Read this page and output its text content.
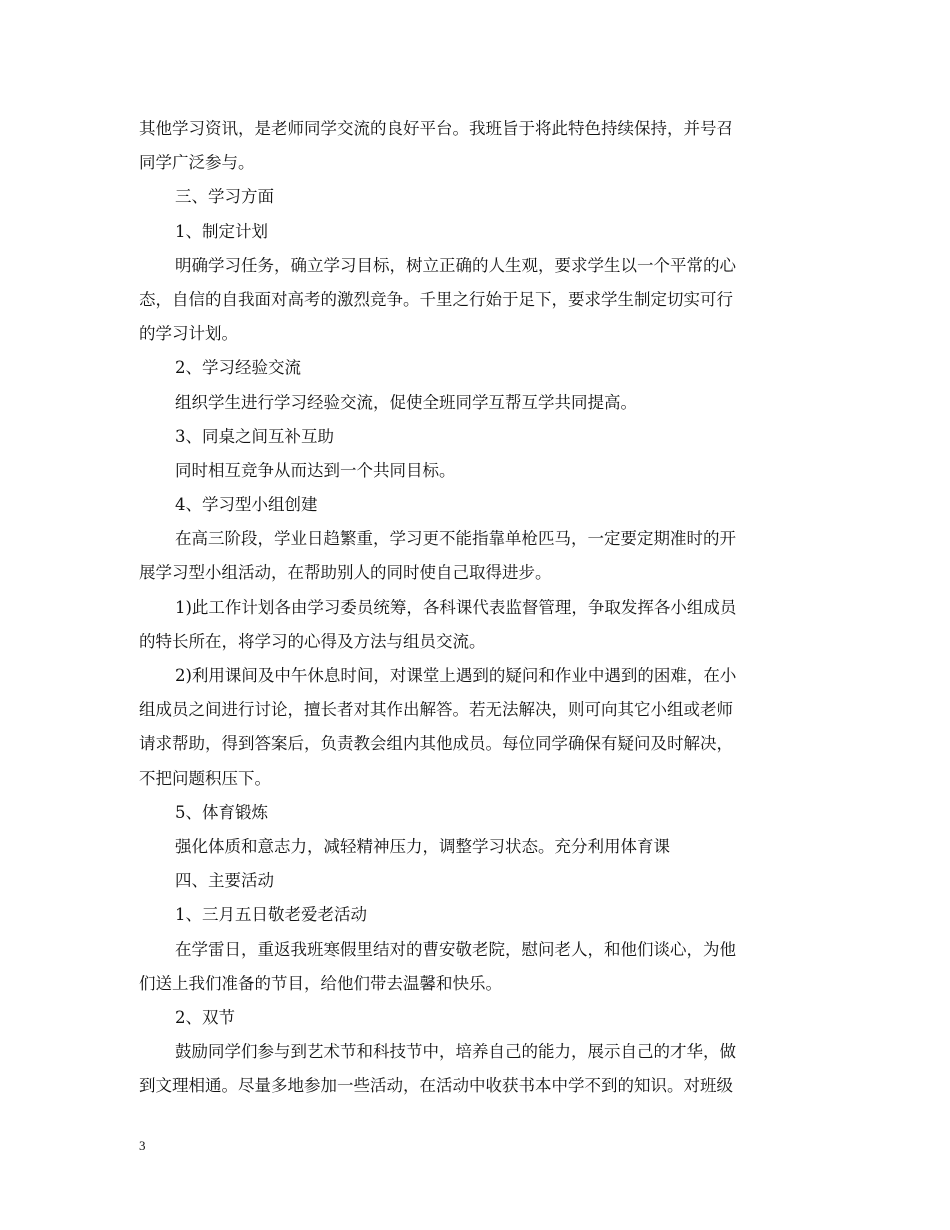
其他学习资讯，是老师同学交流的良好平台。我班旨于将此特色持续保持，并号召
同学广泛参与。
三、学习方面
1、制定计划
明确学习任务，确立学习目标，树立正确的人生观，要求学生以一个平常的心
态，自信的自我面对高考的激烈竞争。千里之行始于足下，要求学生制定切实可行
的学习计划。
2、学习经验交流
组织学生进行学习经验交流，促使全班同学互帮互学共同提高。
3、同桌之间互补互助
同时相互竞争从而达到一个共同目标。
4、学习型小组创建
在高三阶段，学业日趋繁重，学习更不能指靠单枪匹马，一定要定期准时的开
展学习型小组活动，在帮助别人的同时使自己取得进步。
1)此工作计划各由学习委员统筹，各科课代表监督管理，争取发挥各小组成员
的特长所在，将学习的心得及方法与组员交流。
2)利用课间及中午休息时间，对课堂上遇到的疑问和作业中遇到的困难，在小
组成员之间进行讨论，擅长者对其作出解答。若无法解决，则可向其它小组或老师
请求帮助，得到答案后，负责教会组内其他成员。每位同学确保有疑问及时解决，
不把问题积压下。
5、体育锻炼
强化体质和意志力，减轻精神压力，调整学习状态。充分利用体育课
四、主要活动
1、三月五日敬老爱老活动
在学雷日，重返我班寒假里结对的曹安敬老院，慰问老人，和他们谈心，为他
们送上我们准备的节目，给他们带去温馨和快乐。
2、双节
鼓励同学们参与到艺术节和科技节中，培养自己的能力，展示自己的才华，做
到文理相通。尽量多地参加一些活动，在活动中收获书本中学不到的知识。对班级
3
